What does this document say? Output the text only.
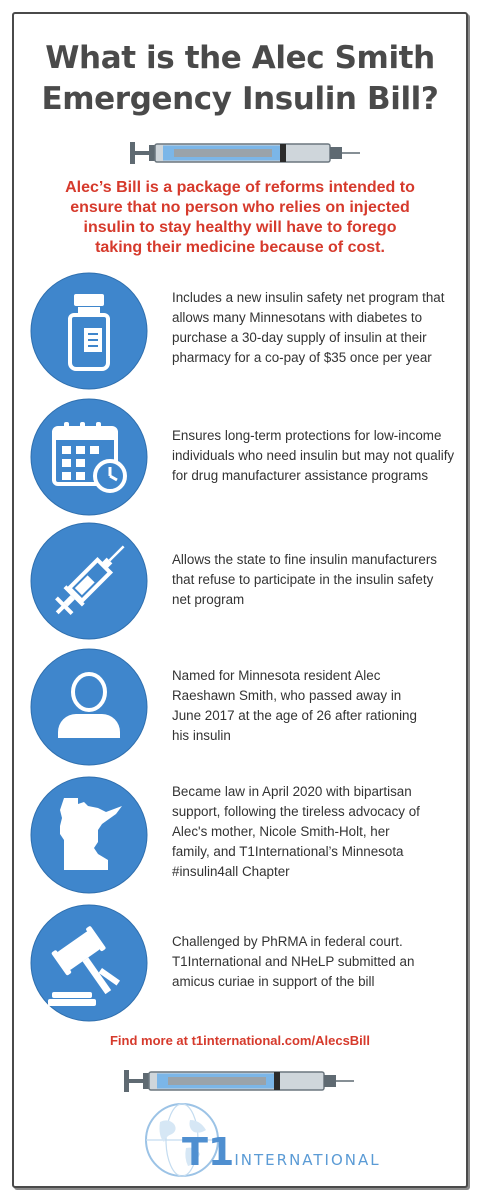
What is the Alec Smith
Emergency Insulin Bill?

Alec’s Bill is a package of reforms intended to
ensure that no person who relies on injected
insulin to stay healthy will have to forego
taking their medicine because of cost.

Includes a new insulin safety net program that
allows many Minnesotans with diabetes to
purchase a 30-day supply of insulin at their
pharmacy for a co-pay of $35 once per year
Ensures long-term protections for low-income
individuals who need insulin but may not qualify
for drug manufacturer assistance programs
Allows the state to fine insulin manufacturers
that refuse to participate in the insulin safety
net program
Named for Minnesota resident Alec
Raeshawn Smith, who passed away in
June 2017 at the age of 26 after rationing
his insulin
Became law in April 2020 with bipartisan
support, following the tireless advocacy of
Alec's mother, Nicole Smith-Holt, her
family, and T1International’s Minnesota
#insulin4all Chapter
Challenged by PhRMA in federal court.
T1International and NHeLP submitted an
amicus curiae in support of the bill
Find more at t1international.com/AlecsBill
T1INTERNATIONAL
